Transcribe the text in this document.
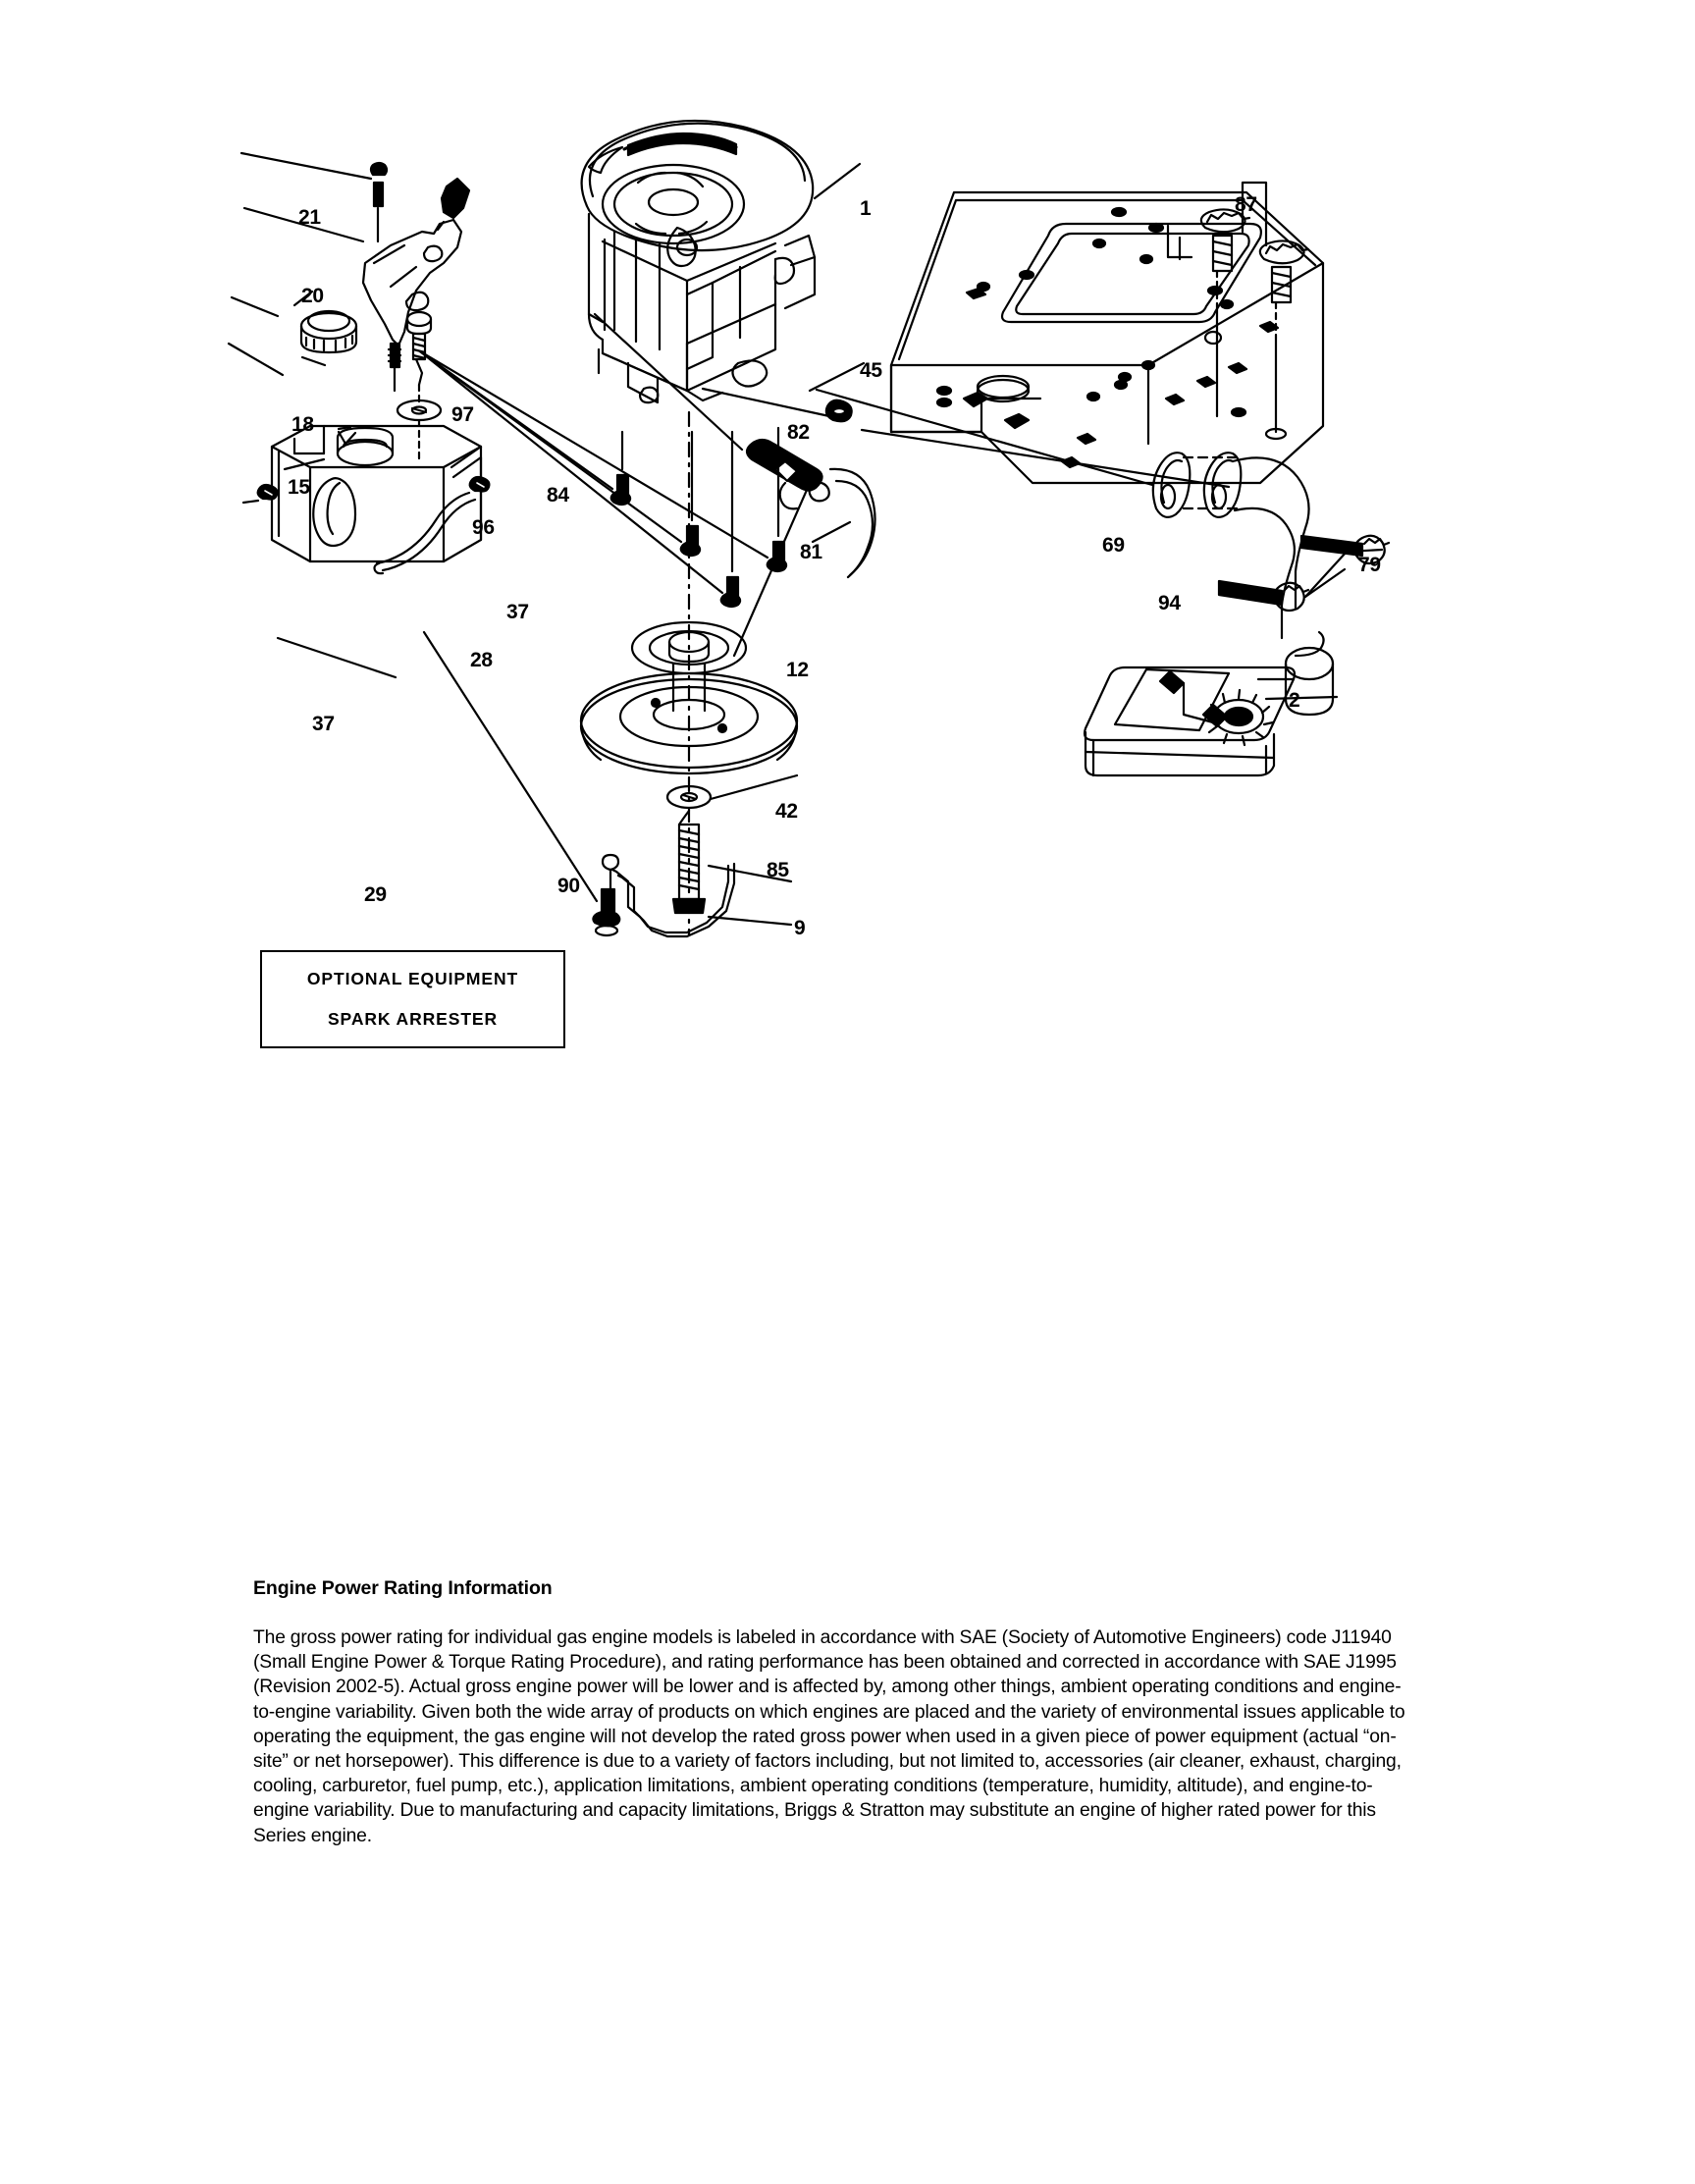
21
20
18	97
15
96
37
28
37
29
1
45
82
84
81
12
42
85
90
9
87
69
79
94
2
OPTIONAL EQUIPMENT
SPARK ARRESTER
Engine Power Rating Information

The gross power rating for individual gas engine models is labeled in accordance with SAE (Society of Automotive Engineers) code J11940 (Small Engine Power & Torque Rating Procedure), and rating performance has been obtained and corrected in accordance with SAE J1995 (Revision 2002-5). Actual gross engine power will be lower and is affected by, among other things, ambient operating conditions and engine-to-engine variability. Given both the wide array of products on which engines are placed and the variety of environmental issues applicable to operating the equipment, the gas engine will not develop the rated gross power when used in a given piece of power equipment (actual “on-site” or net horsepower). This difference is due to a variety of factors including, but not limited to, accessories (air cleaner, exhaust, charging, cooling, carburetor, fuel pump, etc.), application limitations, ambient operating conditions (temperature, humidity, altitude), and engine-to-engine variability. Due to manufacturing and capacity limitations, Briggs & Stratton may substitute an engine of higher rated power for this Series engine.
